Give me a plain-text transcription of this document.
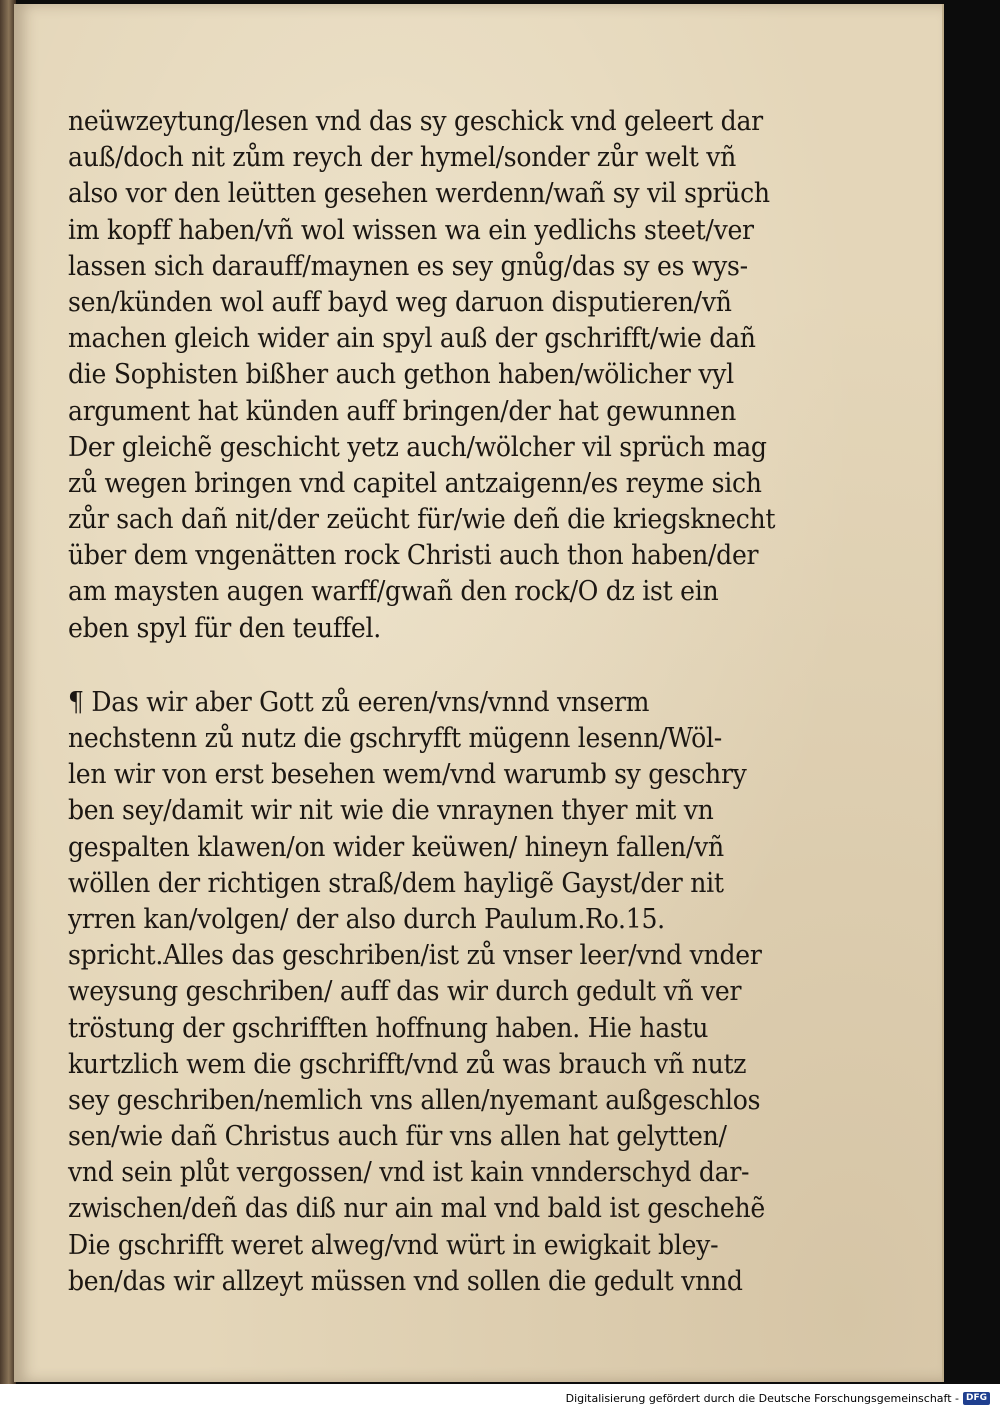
neüwzeytung/lesen vnd das sy geschick vnd geleert dar
auß/doch nit zům reych der hymel/sonder zůr welt vñ
also vor den leütten gesehen werdenn/wañ sy vil sprüch
im kopff haben/vñ wol wissen wa ein yedlichs steet/ver
lassen sich darauff/maynen es sey gnůg/das sy es wys-
sen/künden wol auff bayd weg daruon disputieren/vñ
machen gleich wider ain spyl auß der gschrifft/wie dañ
die Sophisten bißher auch gethon haben/wölicher vyl
argument hat künden auff bringen/der hat gewunnen
Der gleichẽ geschicht yetz auch/wölcher vil sprüch mag
zů wegen bringen vnd capitel antzaigenn/es reyme sich
zůr sach dañ nit/der zeücht für/wie deñ die kriegsknecht
über dem vngenätten rock Christi auch thon haben/der
am maysten augen warff/gwañ den rock/O dz ist ein
eben spyl für den teuffel.
¶ Das wir aber Gott zů eeren/vns/vnnd vnserm
nechstenn zů nutz die gschryfft mügenn lesenn/Wöl-
len wir von erst besehen wem/vnd warumb sy geschry
ben sey/damit wir nit wie die vnraynen thyer mit vn
gespalten klawen/on wider keüwen/ hineyn fallen/vñ
wöllen der richtigen straß/dem hayligẽ Gayst/der nit
yrren kan/volgen/ der also durch Paulum.Ro.15.
spricht.Alles das geschriben/ist zů vnser leer/vnd vnder
weysung geschriben/ auff das wir durch gedult vñ ver
tröstung der gschrifften hoffnung haben. Hie hastu
kurtzlich wem die gschrifft/vnd zů was brauch vñ nutz
sey geschriben/nemlich vns allen/nyemant außgeschlos
sen/wie dañ Christus auch für vns allen hat gelytten/
vnd sein plůt vergossen/ vnd ist kain vnnderschyd dar-
zwischen/deñ das diß nur ain mal vnd bald ist geschehẽ
Die gschrifft weret alweg/vnd würt in ewigkait bley-
ben/das wir allzeyt müssen vnd sollen die gedult vnnd
Digitalisierung gefördert durch die Deutsche Forschungsgemeinschaft - DFG
